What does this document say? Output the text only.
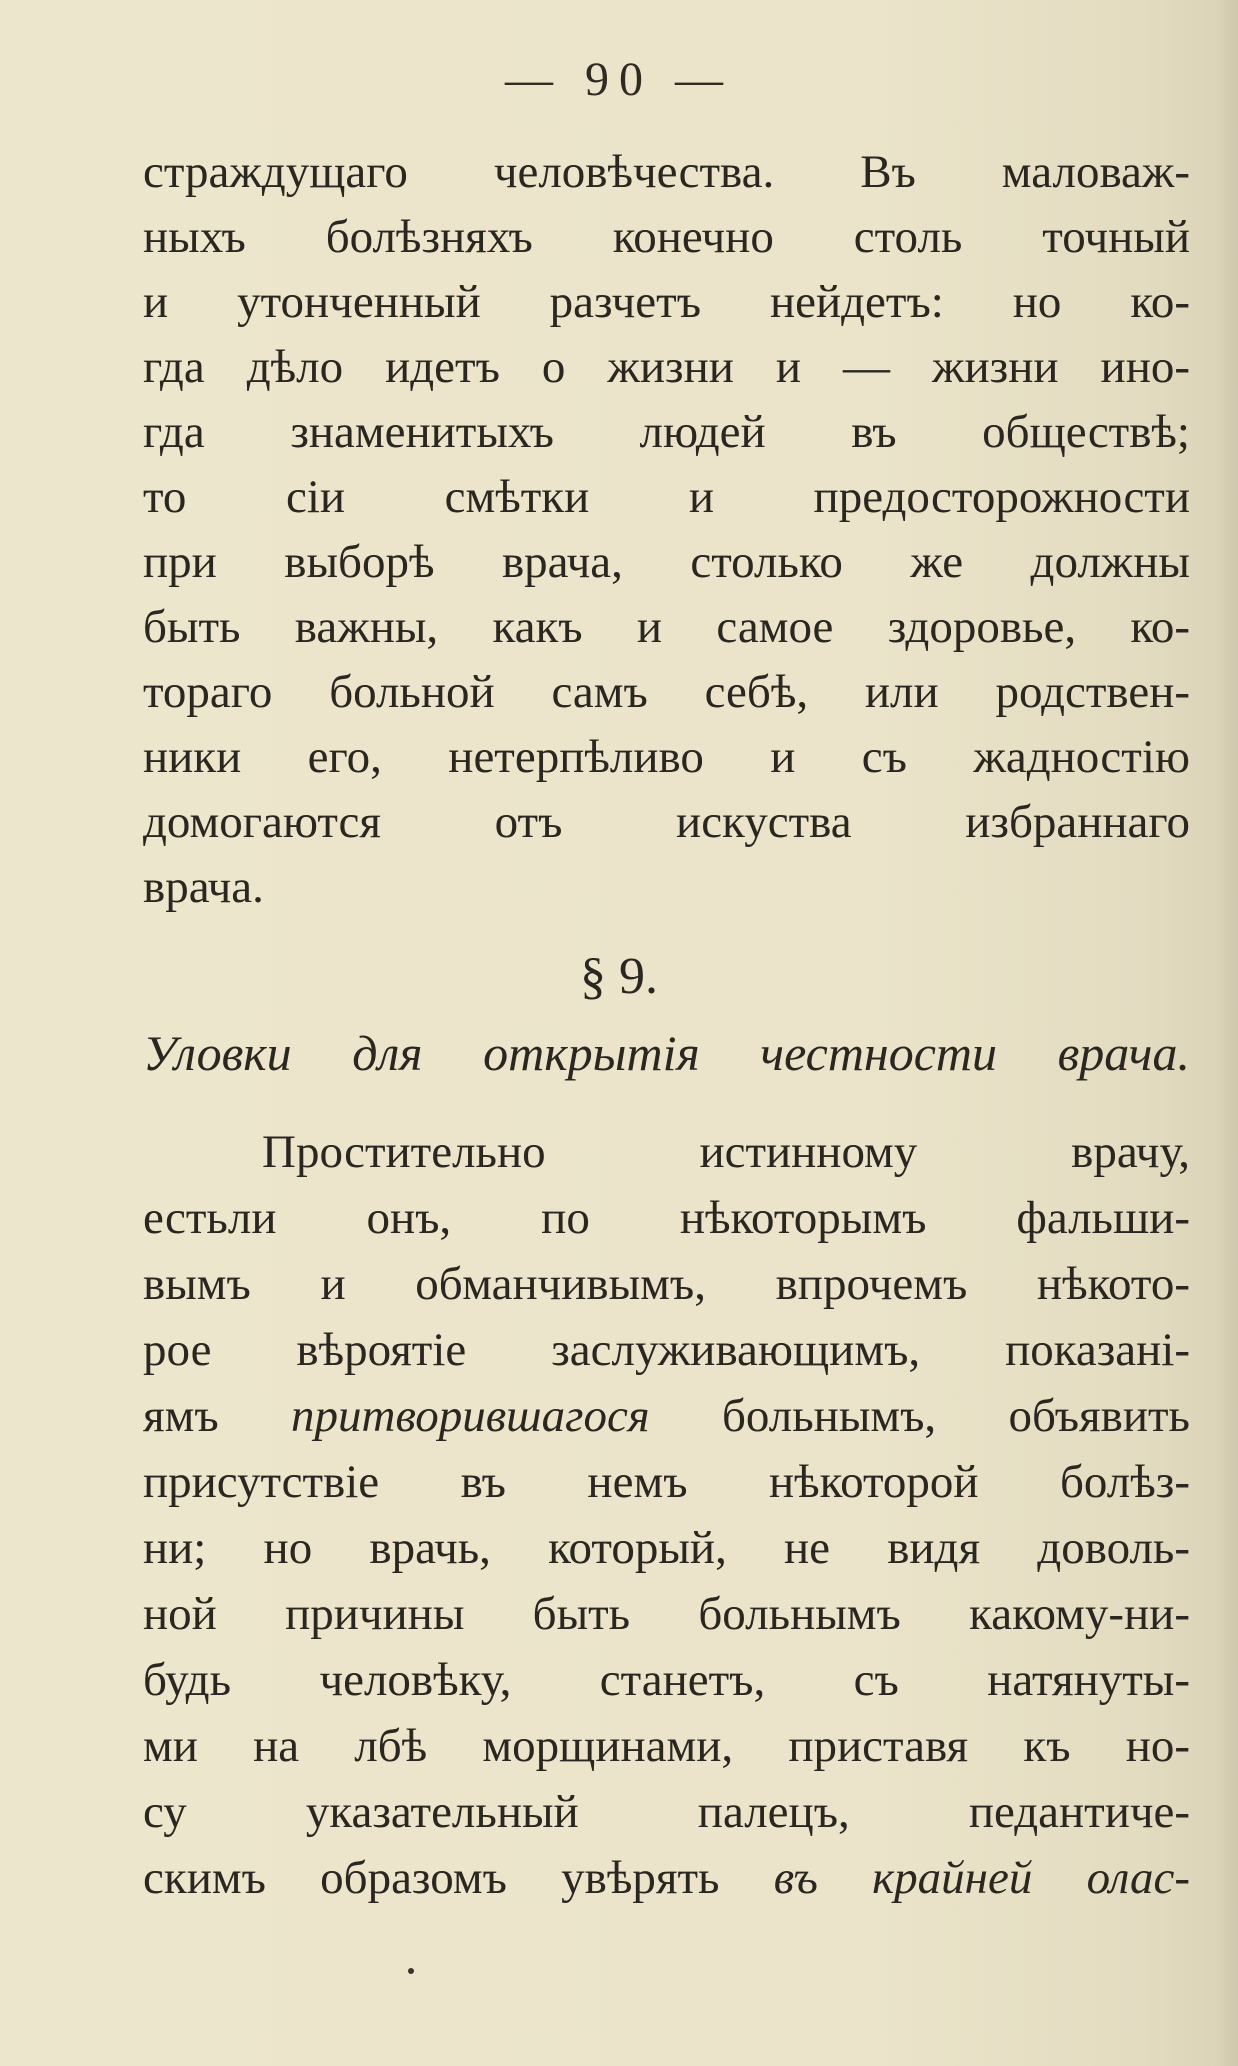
— 90 —
страждущаго человѣчества. Въ маловаж-
ныхъ болѣзняхъ конечно столь точный
и утонченный разчетъ нейдетъ: но ко-
гда дѣло идетъ о жизни и — жизни ино-
гда знаменитыхъ людей въ обществѣ;
то сіи смѣтки и предосторожности
при выборѣ врача, столько же должны
быть важны, какъ и самое здоровье, ко-
тораго больной самъ себѣ, или родствен-
ники его, нетерпѣливо и съ жадностію
домогаются отъ искуства избраннаго
врача.
§ 9.
Уловки для открытія честности врача.
Простительно истинному врачу,
естьли онъ, по нѣкоторымъ фальши-
вымъ и обманчивымъ, впрочемъ нѣкото-
рое вѣроятіе заслуживающимъ, показані-
ямъ притворившагося больнымъ, объявить
присутствіе въ немъ нѣкоторой болѣз-
ни; но врачь, который, не видя доволь-
ной причины быть больнымъ какому-ни-
будь человѣку, станетъ, съ натянуты-
ми на лбѣ морщинами, приставя къ но-
су указательный палецъ, педантиче-
скимъ образомъ увѣрять въ крайней олас-
